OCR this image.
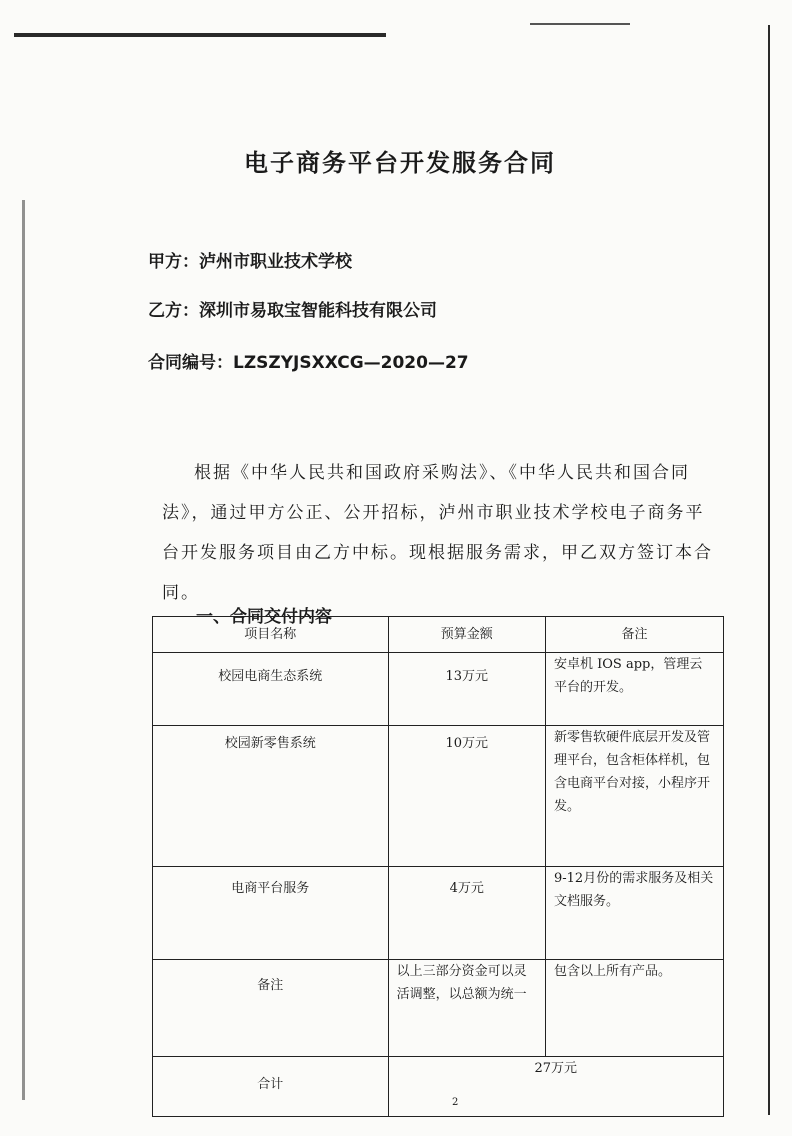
电子商务平台开发服务合同
甲方：泸州市职业技术学校
乙方：深圳市易取宝智能科技有限公司
合同编号：LZSZYJSXXCG—2020—27
根据《中华人民共和国政府采购法》、《中华人民共和国合同法》，通过甲方公正、公开招标，泸州市职业技术学校电子商务平台开发服务项目由乙方中标。现根据服务需求，甲乙双方签订本合同。
一、合同交付内容
项目名称	预算金额	备注
校园电商生态系统	13万元	安卓机 IOS app，管理云平台的开发。
校园新零售系统	10万元	新零售软硬件底层开发及管理平台，包含柜体样机，包含电商平台对接，小程序开发。
电商平台服务	4万元	9-12月份的需求服务及相关文档服务。
备注	以上三部分资金可以灵活调整，以总额为统一	包含以上所有产品。
合计	27万元	
2
